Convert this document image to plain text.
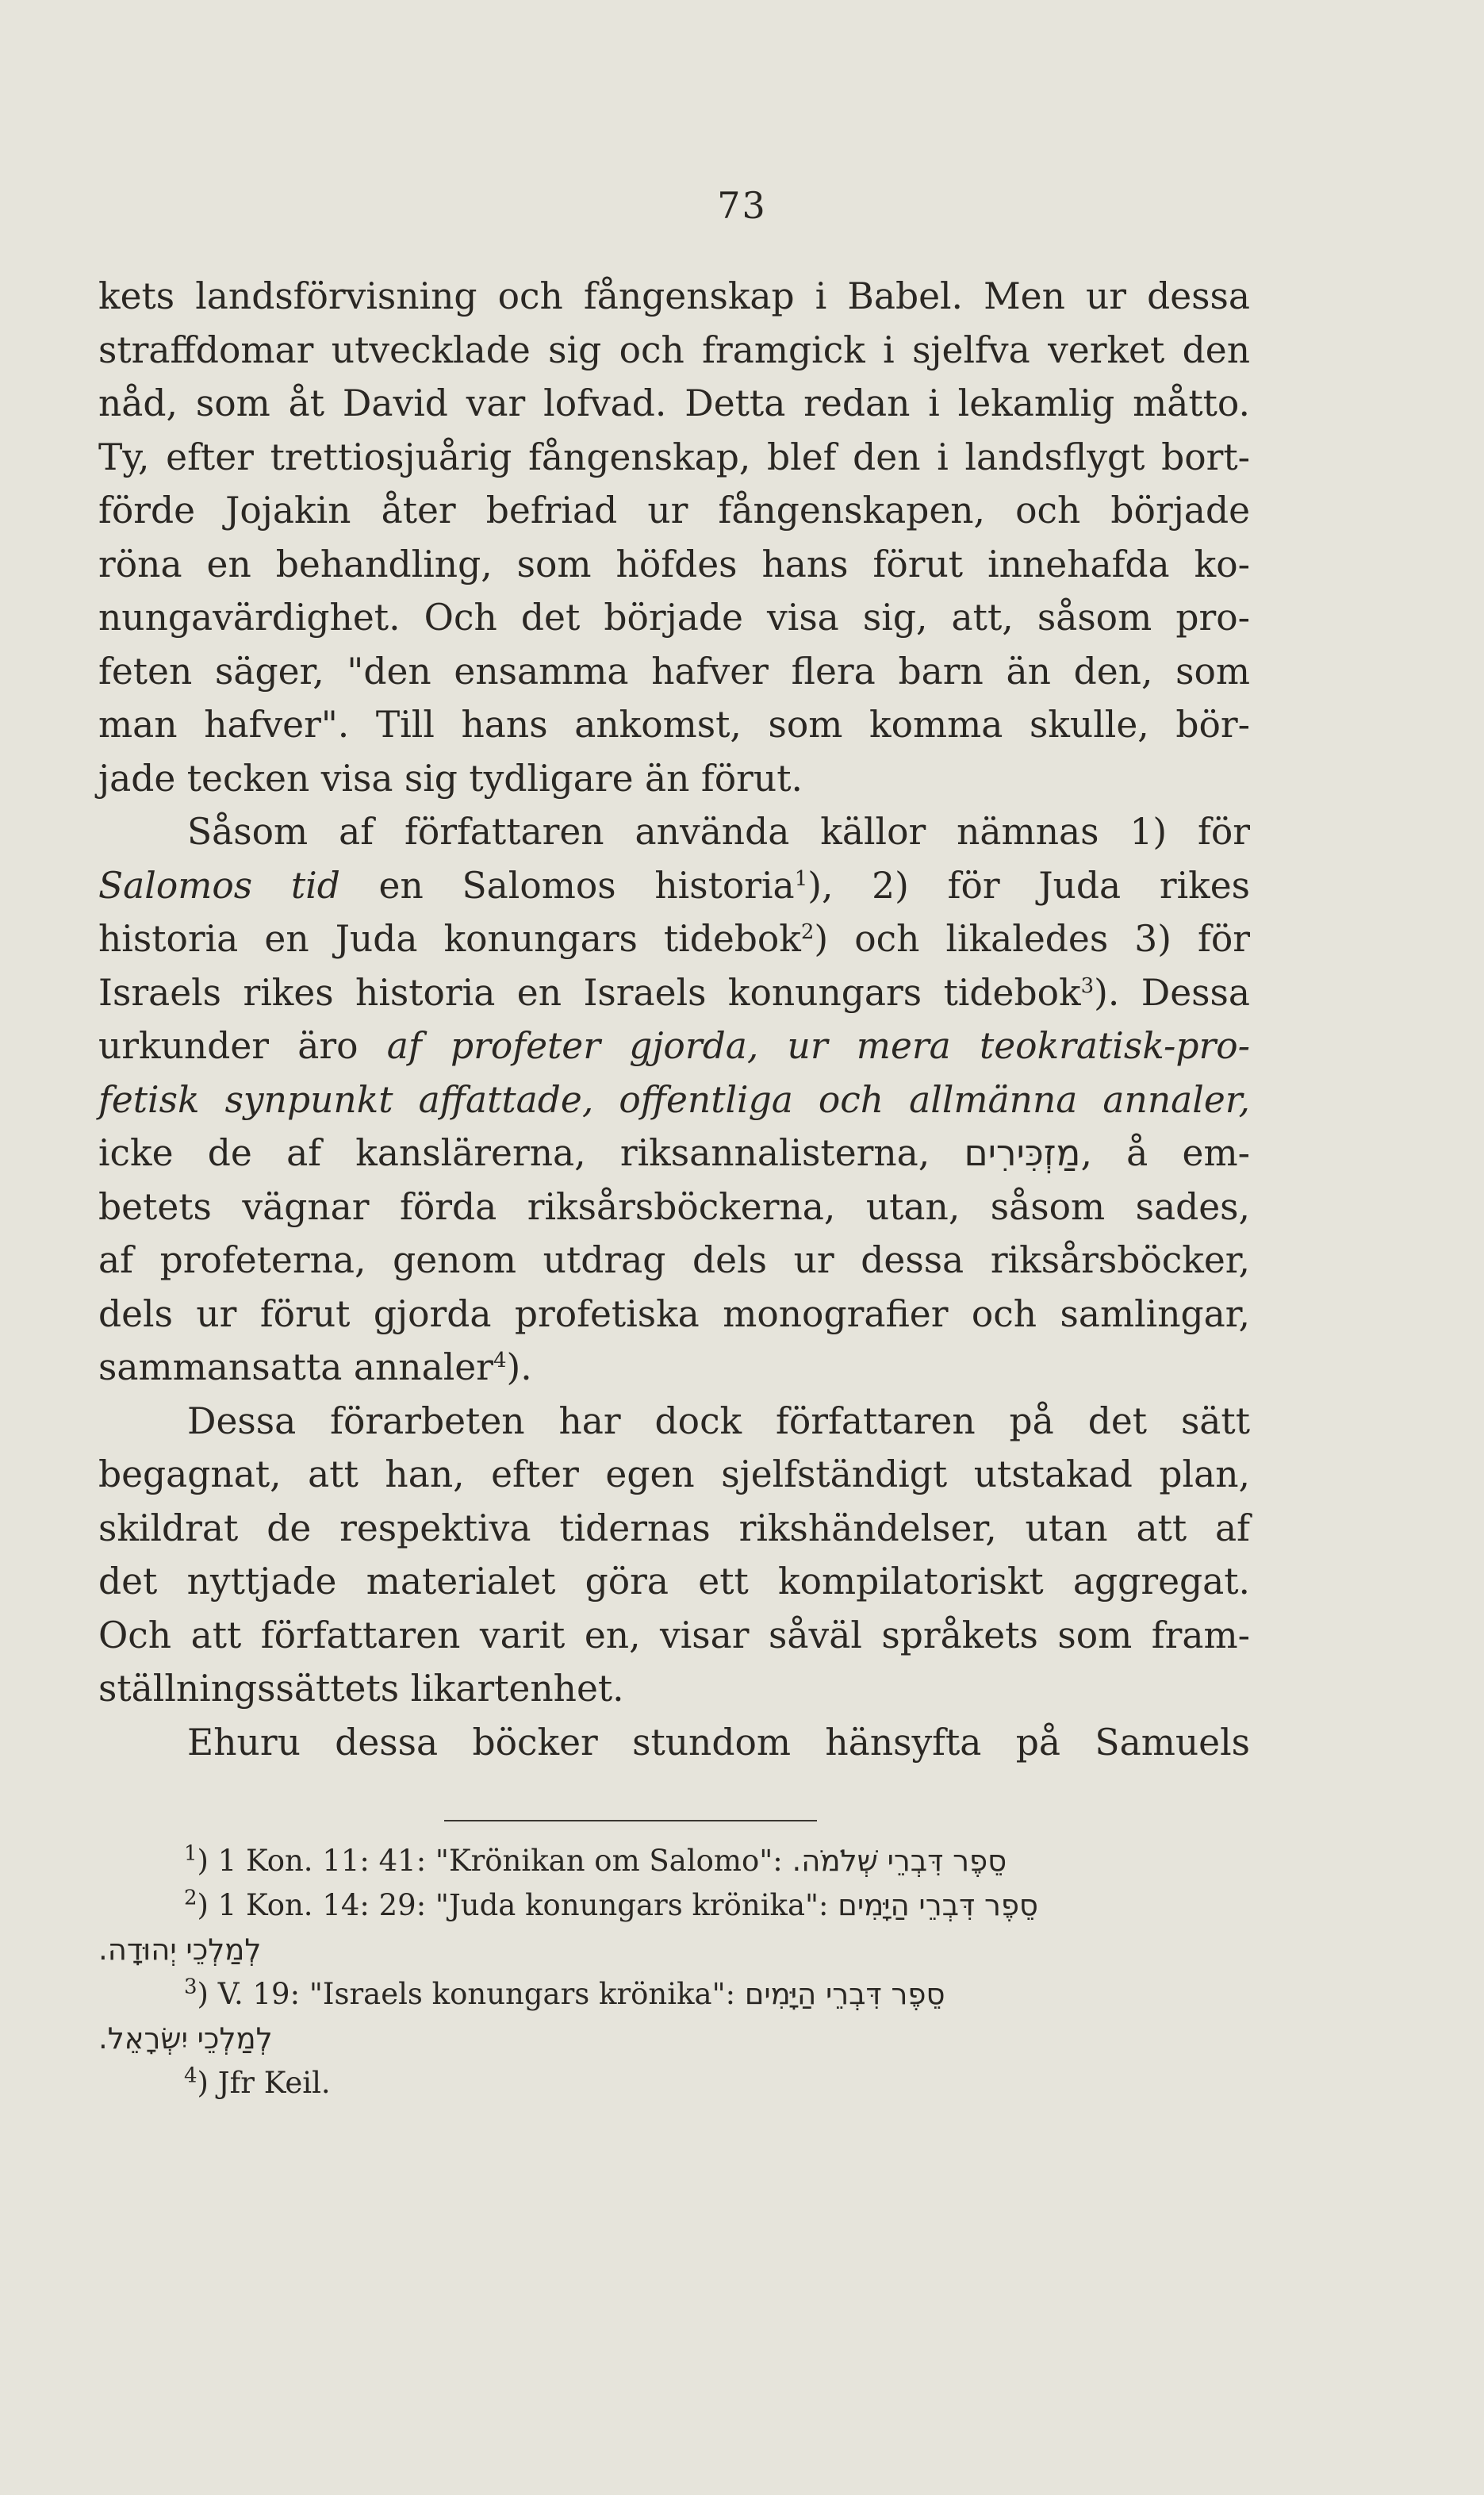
73
kets landsförvisning och fångenskap i Babel. Men ur dessa
straffdomar utvecklade sig och framgick i sjelfva verket den
nåd, som åt David var lofvad. Detta redan i lekamlig måtto.
Ty, efter trettiosjuårig fångenskap, blef den i landsflygt bort-
förde Jojakin åter befriad ur fångenskapen, och började
röna en behandling, som höfdes hans förut innehafda ko-
nungavärdighet. Och det började visa sig, att, såsom pro-
feten säger, "den ensamma hafver flera barn än den, som
man hafver". Till hans ankomst, som komma skulle, bör-
jade tecken visa sig tydligare än förut.
Såsom af författaren använda källor nämnas 1) för
Salomos tid en Salomos historia$^1$), 2) för Juda rikes
historia en Juda konungars tidebok$^2$) och likaledes 3) för
Israels rikes historia en Israels konungars tidebok$^3$). Dessa
urkunder äro af profeter gjorda, ur mera teokratisk-pro-
fetisk synpunkt affattade, offentliga och allmänna annaler,
icke de af kanslärerna, riksannalisterna, מַזְכִּירִים, å em-
betets vägnar förda riksårsböckerna, utan, såsom sades,
af profeterna, genom utdrag dels ur dessa riksårsböcker,
dels ur förut gjorda profetiska monografier och samlingar,
sammansatta annaler$^4$).
Dessa förarbeten har dock författaren på det sätt
begagnat, att han, efter egen sjelfständigt utstakad plan,
skildrat de respektiva tidernas rikshändelser, utan att af
det nyttjade materialet göra ett kompilatoriskt aggregat.
Och att författaren varit en, visar såväl språkets som fram-
ställningssättets likartenhet.
Ehuru dessa böcker stundom hänsyfta på Samuels
$^1$) 1 Kon. 11: 41: "Krönikan om Salomo": סֵפֶר דִּבְרֵי שְׁלֹמֹה.
$^2$) 1 Kon. 14: 29: "Juda konungars krönika": סֵפֶר דִּבְרֵי הַיָּמִים
לְמַלְכֵי יְהוּדָה.
$^3$) V. 19: "Israels konungars krönika": סֵפֶר דִּבְרֵי הַיָּמִים
לְמַלְכֵי יִשְׂרָאֵל.
$^4$) Jfr Keil.
